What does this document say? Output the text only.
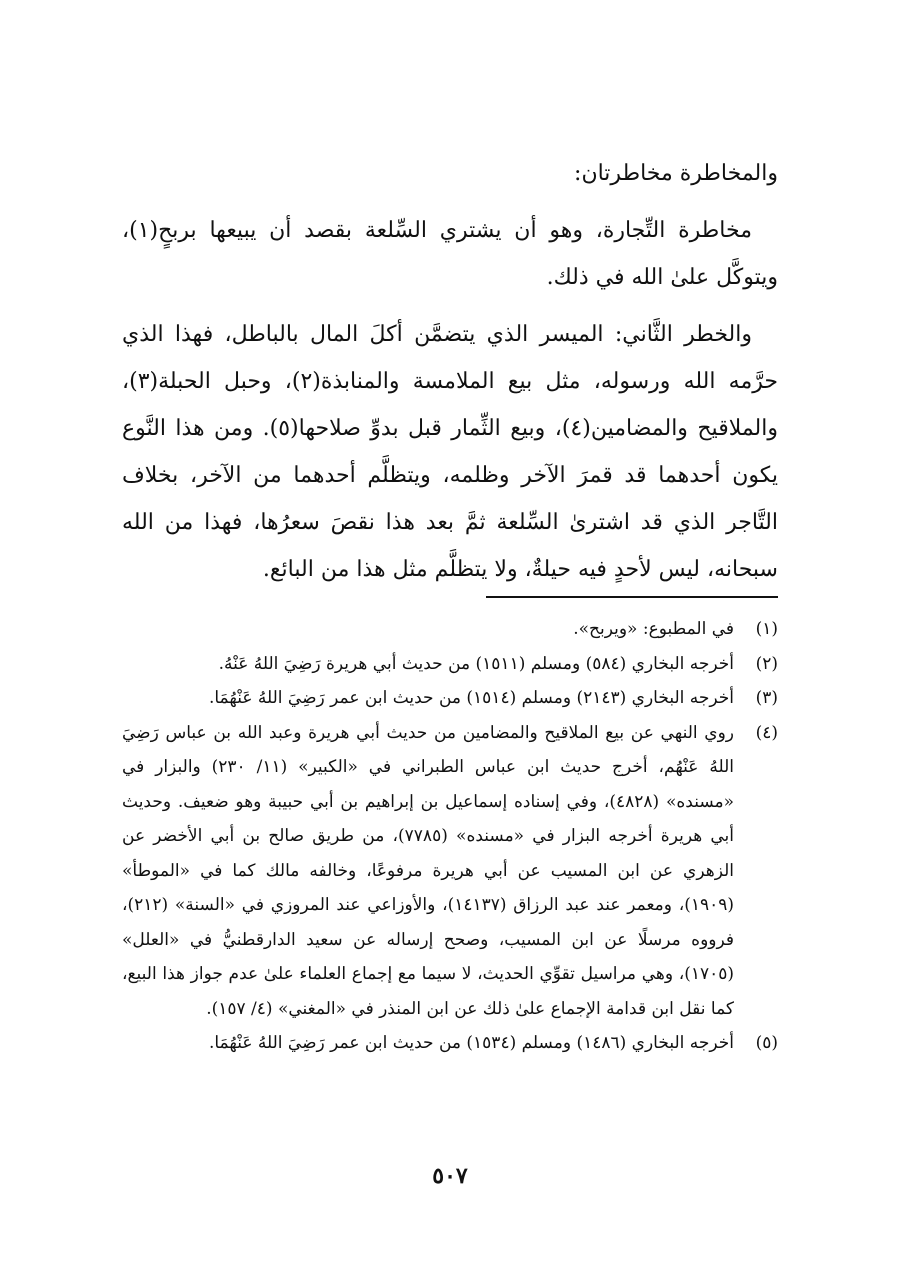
والمخاطرة مخاطرتان:

مخاطرة التِّجارة، وهو أن يشتري السِّلعة بقصد أن يبيعها بربحٍ(١)، ويتوكَّل علىٰ الله في ذلك.

والخطر الثَّاني: الميسر الذي يتضمَّن أكلَ المال بالباطل، فهذا الذي حرَّمه الله ورسوله، مثل بيع الملامسة والمنابذة(٢)، وحبل الحبلة(٣)، والملاقيح والمضامين(٤)، وبيع الثِّمار قبل بدوِّ صلاحها(٥). ومن هذا النَّوع يكون أحدهما قد قمرَ الآخر وظلمه، ويتظلَّم أحدهما من الآخر، بخلاف التَّاجر الذي قد اشترىٰ السِّلعة ثمَّ بعد هذا نقصَ سعرُها، فهذا من الله سبحانه، ليس لأحدٍ فيه حيلةٌ، ولا يتظلَّم مثل هذا من البائع.

(١)
في المطبوع: «ويربح».
(٢)
أخرجه البخاري (٥٨٤) ومسلم (١٥١١) من حديث أبي هريرة رَضِيَ اللهُ عَنْهُ.
(٣)
أخرجه البخاري (٢١٤٣) ومسلم (١٥١٤) من حديث ابن عمر رَضِيَ اللهُ عَنْهُمَا.
(٤)
روي النهي عن بيع الملاقيح والمضامين من حديث أبي هريرة وعبد الله بن عباس رَضِيَ اللهُ عَنْهُم، أخرج حديث ابن عباس الطبراني في «الكبير» (١١/ ٢٣٠) والبزار في «مسنده» (٤٨٢٨)، وفي إسناده إسماعيل بن إبراهيم بن أبي حبيبة وهو ضعيف. وحديث أبي هريرة أخرجه البزار في «مسنده» (٧٧٨٥)، من طريق صالح بن أبي الأخضر عن الزهري عن ابن المسيب عن أبي هريرة مرفوعًا، وخالفه مالك كما في «الموطأ» (١٩٠٩)، ومعمر عند عبد الرزاق (١٤١٣٧)، والأوزاعي عند المروزي في «السنة» (٢١٢)، فرووه مرسلًا عن ابن المسيب، وصحح إرساله عن سعيد الدارقطنيُّ في «العلل» (١٧٠٥)، وهي مراسيل تقوِّي الحديث، لا سيما مع إجماع العلماء علىٰ عدم جواز هذا البيع، كما نقل ابن قدامة الإجماع علىٰ ذلك عن ابن المنذر في «المغني» (٤/ ١٥٧).
(٥)
أخرجه البخاري (١٤٨٦) ومسلم (١٥٣٤) من حديث ابن عمر رَضِيَ اللهُ عَنْهُمَا.
٥٠٧
